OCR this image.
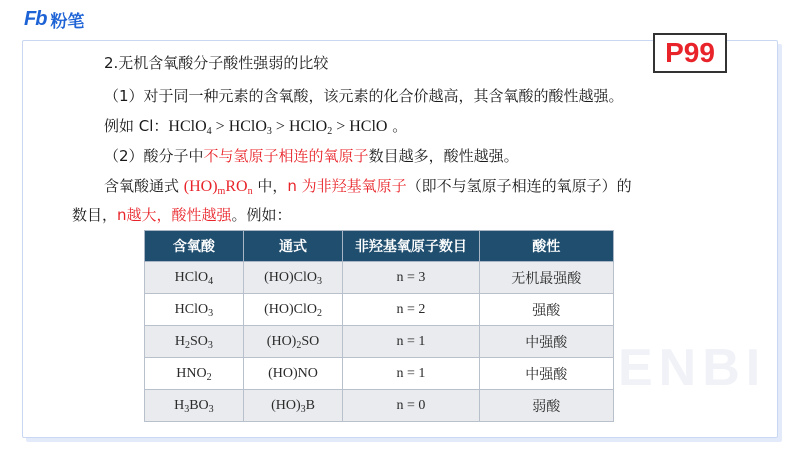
Fb 粉笔
ENBI
P99
2.无机含氧酸分子酸性强弱的比较
（1）对于同一种元素的含氧酸，该元素的化合价越高，其含氧酸的酸性越强。
例如 Cl：HClO$_4$ > HClO$_3$ > HClO$_2$ > HClO 。
（2）酸分子中不与氢原子相连的氧原子数目越多，酸性越强。
含氧酸通式 $(HO)_mRO_n$ 中，n 为非羟基氧原子（即不与氢原子相连的氧原子）的
数目，n越大，酸性越强。例如：
含氧酸	通式	非羟基氧原子数目	酸性
HClO$_4$	(HO)ClO$_3$	n = 3	无机最强酸
HClO$_3$	(HO)ClO$_2$	n = 2	强酸
$H_2SO_3$	$(HO)_2SO$	n = 1	中强酸
$HNO_2$	(HO)NO	n = 1	中强酸
$H_3BO_3$	$(HO)_3B$	n = 0	弱酸
